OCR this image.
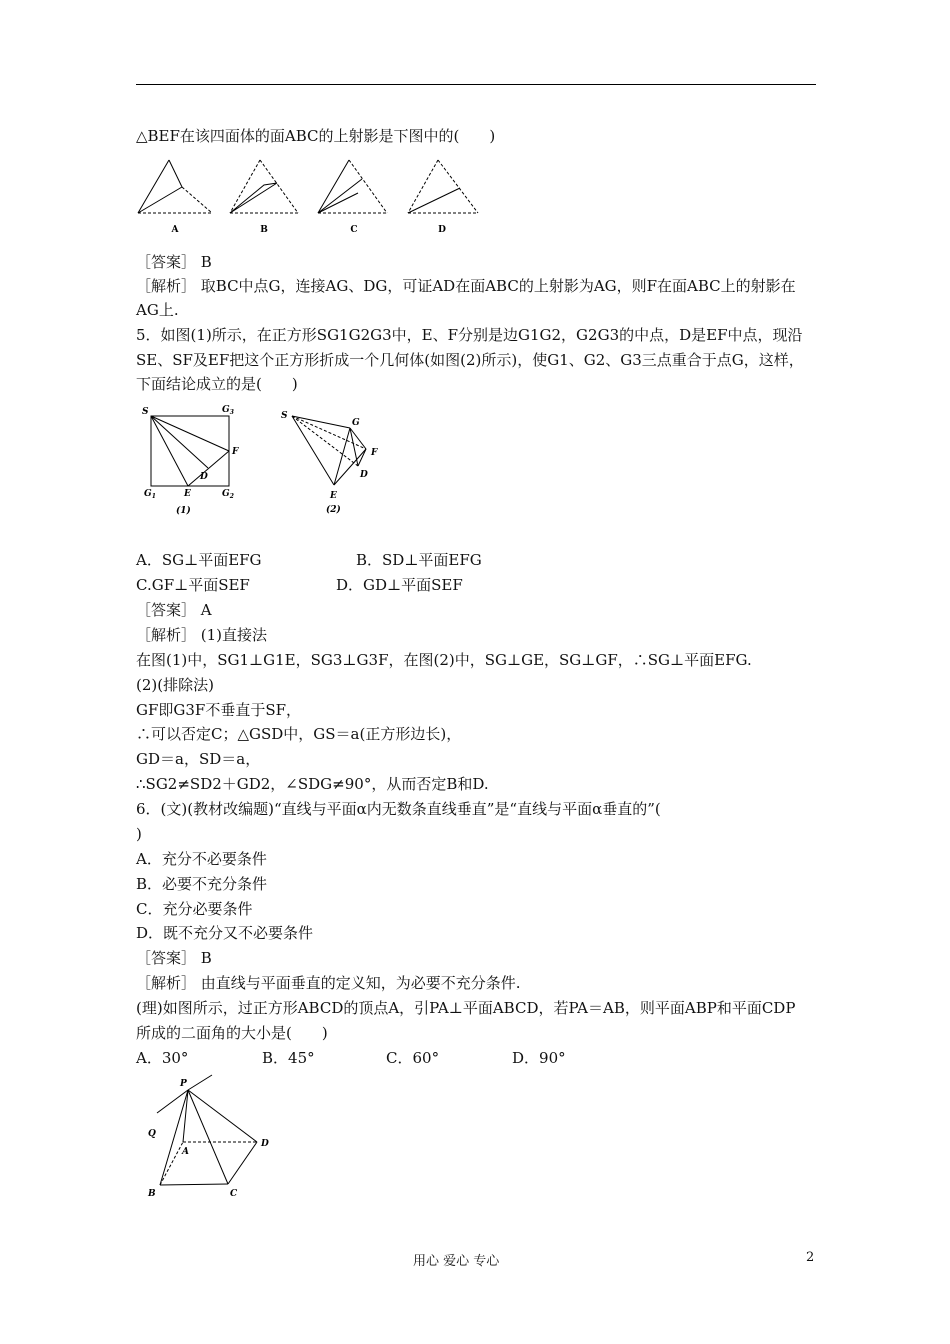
△BEF在该四面体的面ABC的上射影是下图中的(　　)
A	B	C	D
［答案］ B
［解析］ 取BC中点G，连接AG、DG，可证AD在面ABC的上射影为AG，则F在面ABC上的射影在
AG上.
5．如图(1)所示，在正方形SG1G2G3中，E、F分别是边G1G2，G2G3的中点，D是EF中点，现沿
SE、SF及EF把这个正方形折成一个几何体(如图(2)所示)，使G1、G2、G3三点重合于点G，这样，
下面结论成立的是(　　)
S	$G_3$
F
D
$G_1$	E	$G_2$
(1)
S
G
F
D
E
(2)
A．SG⊥平面EFG	B．SD⊥平面EFG
C.GF⊥平面SEF	D．GD⊥平面SEF
［答案］ A
［解析］ (1)直接法
在图(1)中，SG1⊥G1E，SG3⊥G3F，在图(2)中，SG⊥GE，SG⊥GF，∴SG⊥平面EFG.
(2)(排除法)
GF即G3F不垂直于SF，
∴可以否定C；△GSD中，GS＝a(正方形边长)，
GD＝a，SD＝a，
∴SG2≠SD2＋GD2，∠SDG≠90°，从而否定B和D.
6．(文)(教材改编题)“直线与平面α内无数条直线垂直”是“直线与平面α垂直的”(
)
A．充分不必要条件
B．必要不充分条件
C．充分必要条件
D．既不充分又不必要条件
［答案］ B
［解析］ 由直线与平面垂直的定义知，为必要不充分条件.
(理)如图所示，过正方形ABCD的顶点A，引PA⊥平面ABCD，若PA＝AB，则平面ABP和平面CDP
所成的二面角的大小是(　　)
A．30°	B．45°	C．60°	D．90°
P
Q
A
D
B	C
用心 爱心 专心	2
